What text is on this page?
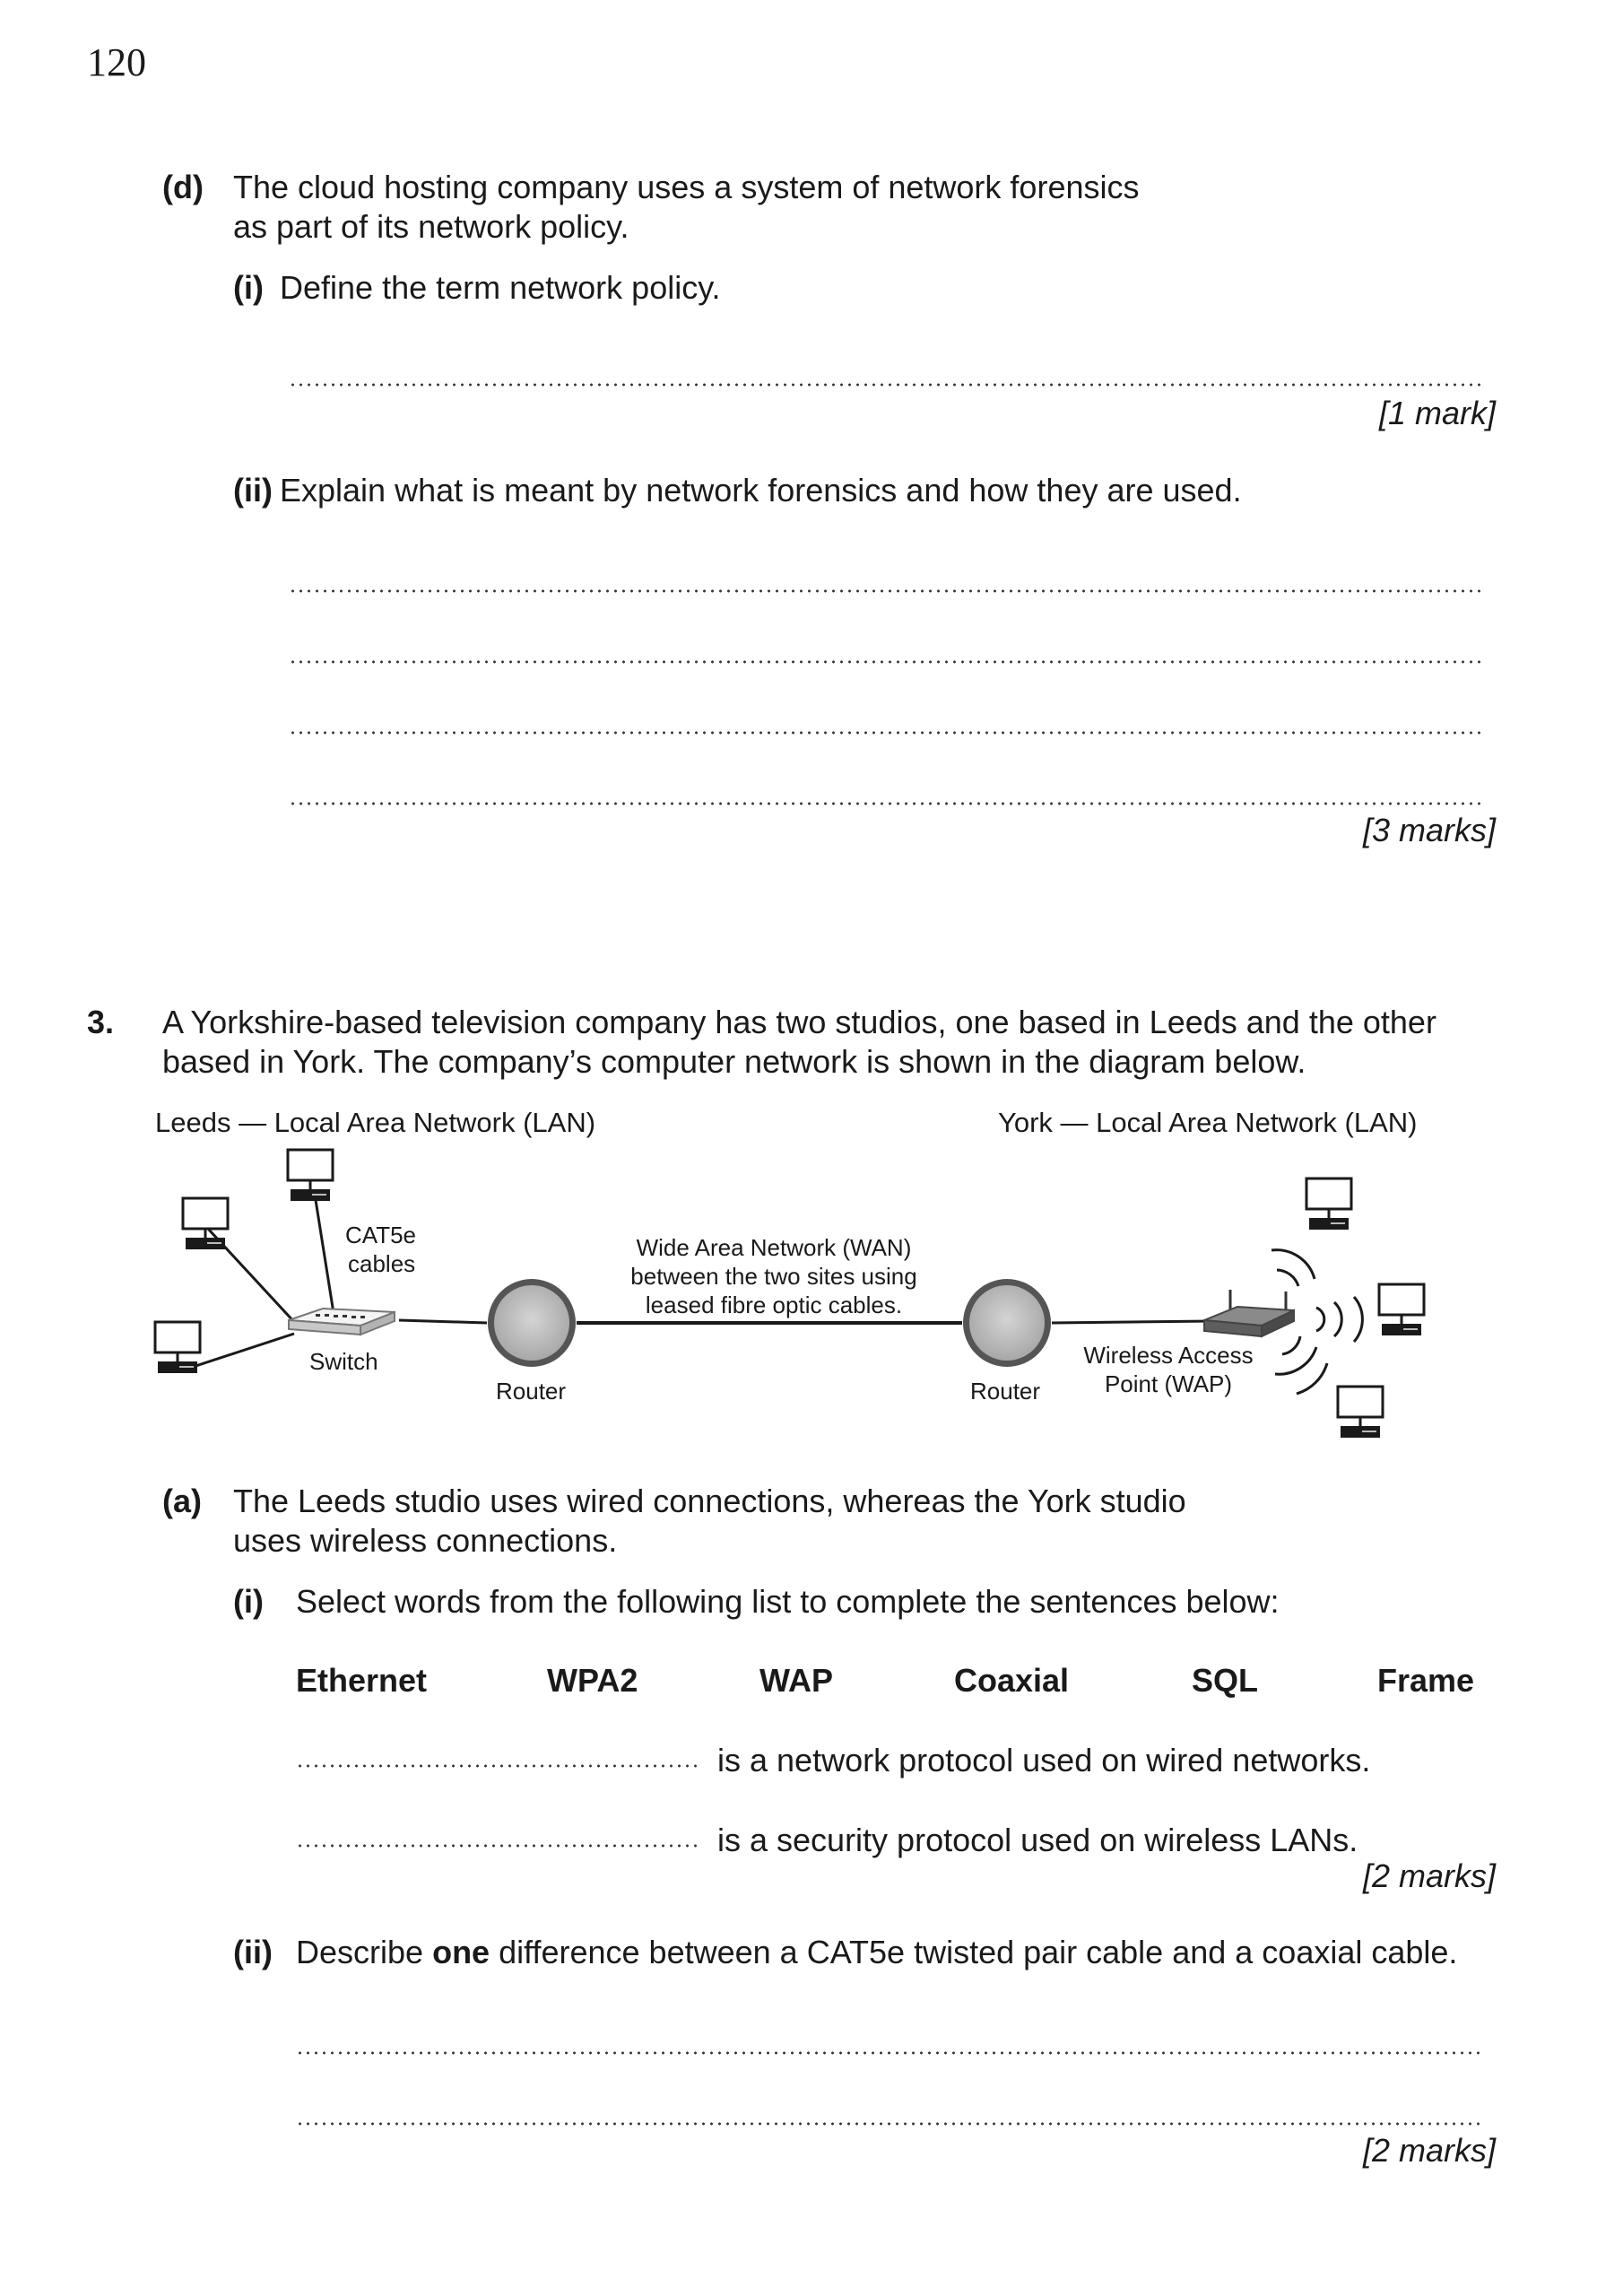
120
(d) The cloud hosting company uses a system of network forensics
as part of its network policy.
(i) Define the term network policy.
[1 mark]
(ii) Explain what is meant by network forensics and how they are used.
[3 marks]
3. A Yorkshire-based television company has two studios, one based in Leeds and the other
based in York. The company’s computer network is shown in the diagram below.
Leeds — Local Area Network (LAN)	York — Local Area Network (LAN)
CAT5e
cables
Switch
Router	Router
Wide Area Network (WAN)
between the two sites using
leased fibre optic cables.
Wireless Access
Point (WAP)
(a) The Leeds studio uses wired connections, whereas the York studio
uses wireless connections.
(i) Select words from the following list to complete the sentences below:
Ethernet	WPA2	WAP	Coaxial	SQL	Frame
is a network protocol used on wired networks.
is a security protocol used on wireless LANs.
[2 marks]
(ii) Describe one difference between a CAT5e twisted pair cable and a coaxial cable.
[2 marks]
